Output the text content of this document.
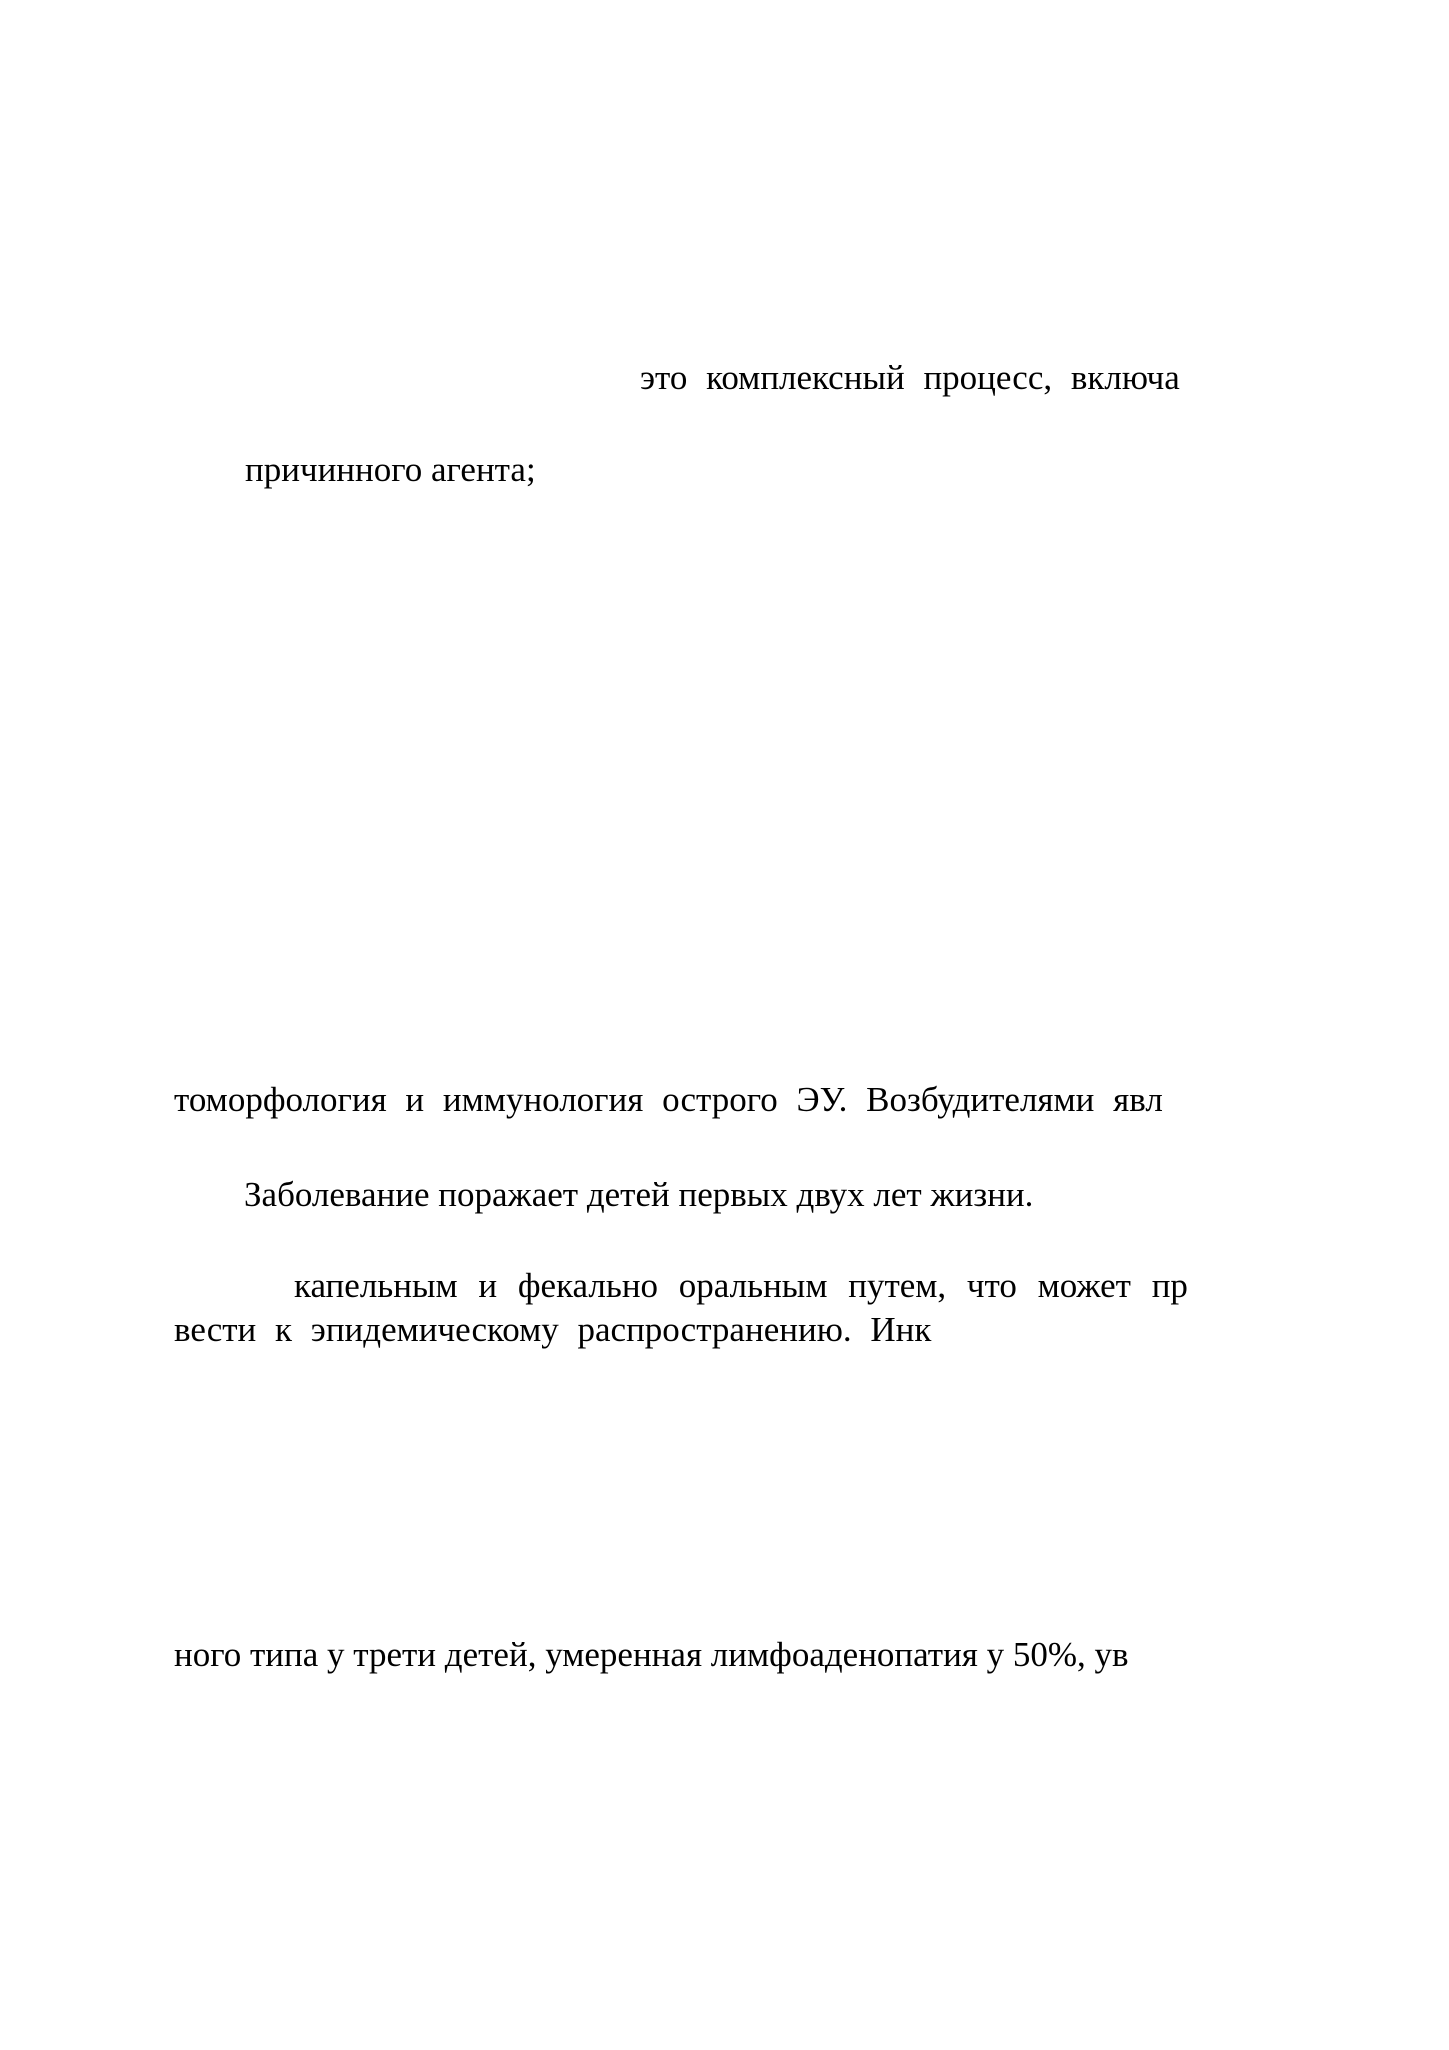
это комплексный процесс, включа
причинного агента;
томорфология и иммунология острого ЭУ. Возбудителями явл
Заболевание поражает детей первых двух лет жизни.
капельным и фекально оральным путем, что может пр
вести к эпидемическому распространению. Инк
ного типа у трети детей, умеренная лимфоаденопатия у 50%, ув
